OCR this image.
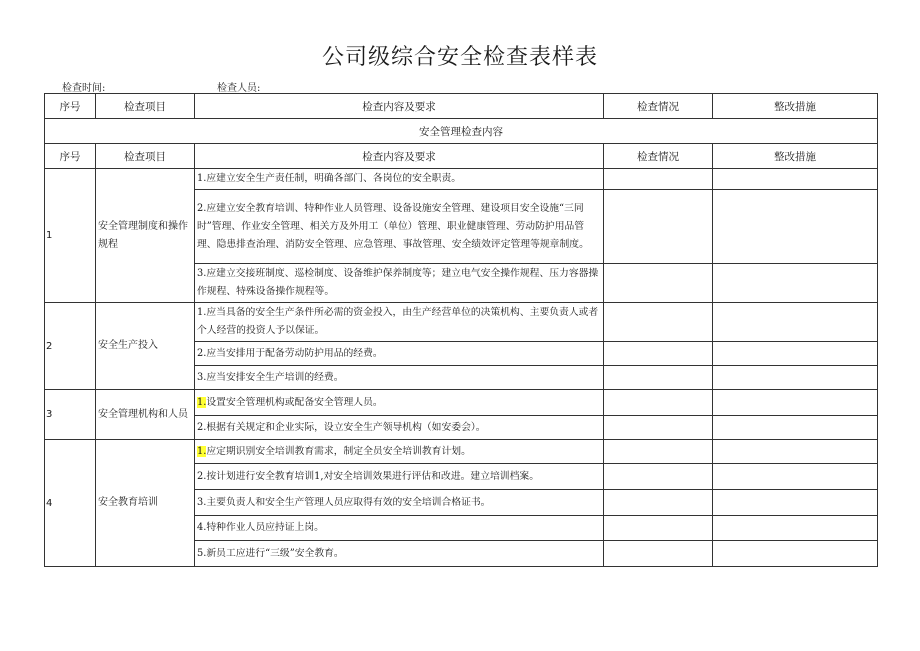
公司级综合安全检查表样表
检查时间:	检查人员:
序号	检查项目	检查内容及要求	检查情况	整改措施
安全管理检查内容				
序号	检查项目	检查内容及要求	检查情况	整改措施
1	安全管理制度和操作规程	1.应建立安全生产责任制，明确各部门、各岗位的安全职责。		
		2.应建立安全教育培训、特种作业人员管理、设备设施安全管理、建设项目安全设施“三同时”管理、作业安全管理、相关方及外用工（单位）管理、职业健康管理、劳动防护用品管理、隐患排查治理、消防安全管理、应急管理、事故管理、安全绩效评定管理等规章制度。		
		3.应建立交接班制度、巡检制度、设备维护保养制度等；建立电气安全操作规程、压力容器操作规程、特殊设备操作规程等。		
2	安全生产投入	1.应当具备的安全生产条件所必需的资金投入，由生产经营单位的决策机构、主要负责人或者个人经营的投资人予以保证。		
		2.应当安排用于配备劳动防护用品的经费。		
		3.应当安排安全生产培训的经费。		
3	安全管理机构和人员	1.设置安全管理机构或配备安全管理人员。		
		2.根据有关规定和企业实际，设立安全生产领导机构（如安委会）。		
4	安全教育培训	1.应定期识别安全培训教育需求，制定全员安全培训教育计划。		
		2.按计划进行安全教育培训1,对安全培训效果进行评估和改进。建立培训档案。		
		3.主要负责人和安全生产管理人员应取得有效的安全培训合格证书。		
		4.特种作业人员应持证上岗。		
		5.新员工应进行“三级”安全教育。		
